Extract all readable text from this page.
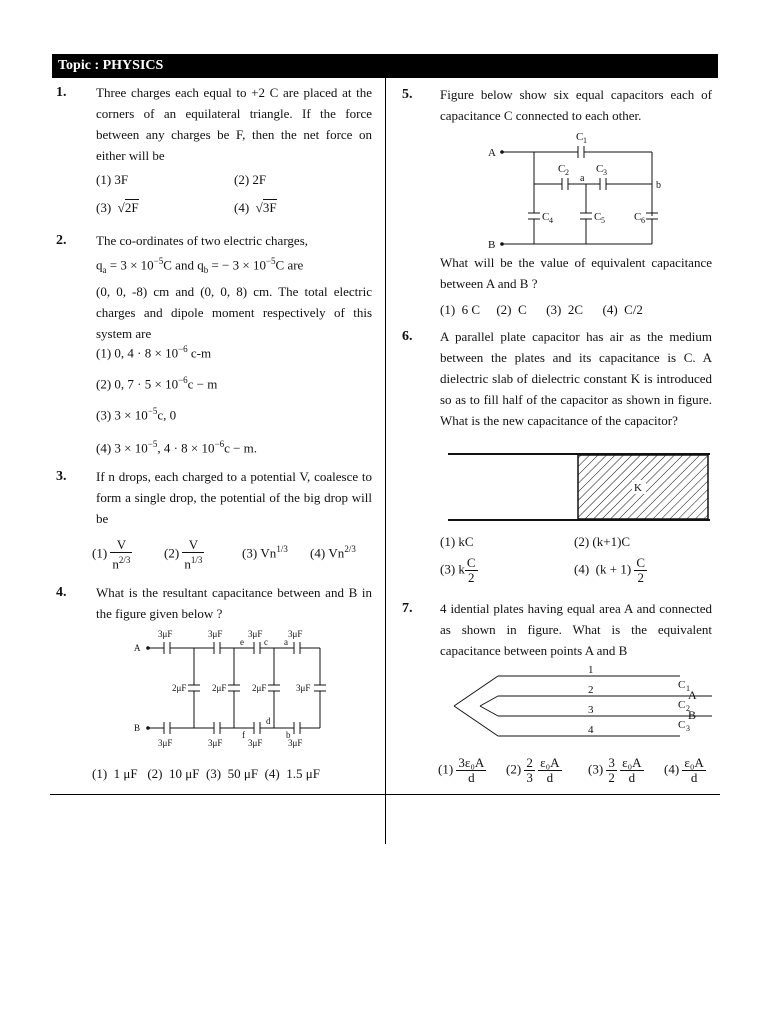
Topic : PHYSICS
1. Three charges each equal to +2 C are placed at the corners of an equilateral triangle. If the force between any charges be F, then the net force on either will be
(1) 3F	(2) 2F
(3)  √2F	(4)  √3F
2. The co-ordinates of two electric charges,
$q_a = 3 \times 10^{-5}C$ and $q_b$ = − $3 \times 10^{-5}C$ are
(0, 0, -8) cm and (0, 0, 8) cm. The total electric charges and dipole moment respectively of this system are
(1) 0, $4 \cdot 8 \times 10^{-6}$ c-m
(2) 0, $7 \cdot 5 \times 10^{-6}c - m$
(3) $3 \times 10^{-5}c$, 0
(4) $3 \times 10^{-5}$, $4 \cdot 8 \times 10^{-6}c - m$.
3. If n drops, each charged to a potential V, coalesce to form a single drop, the potential of the big drop will be
$(1) \frac{V}{n^{2/3}} (2) \frac{V}{n^{1/3}}$	(3) $Vn^{1/3}$ (4) $Vn^{2/3}$
4. What is the resultant capacitance between and B in the figure given below ?
A
B
3μF	3μF	3μF	3μF
3μF	3μF	3μF	3μF
2μF	2μF	2μF	3μF
e c a
f
d
b
(1)  1 μF   (2)  10 μF  (3)  50 μF  (4)  1.5 μF
5. Figure below show six equal capacitors each of capacitance C connected to each other.
A
B
C 1
C 2 C 3
C 4	C 5	C 6
a
b
What will be the value of equivalent capacitance between A and B ?
(1)  6 C     (2)  C      (3)  2C      (4)  C/2
6. A parallel plate capacitor has air as the medium between the plates and its capacitance is C. A dielectric slab of dielectric constant K is introduced so as to fill half of the capacitor as shown in figure. What is the new capacitance of the capacitor?
K
(1) kC	(2) (k+1)C
(3) k $\frac{C}{2}$	(4) $(k + 1) \frac{C}{2}$
7. 4 idential plates having equal area A and connected as shown in figure. What is the equivalent capacitance between points A and B
1
2
3
4
C 1
C 2
C 3
A
B
$(1) \frac{\text{3ε₀A}}{d} (2) \frac{2}{3}$
$\frac{\text{ε₀A}}{d} (3) \frac{3}{2}$
$\frac{\text{ε₀A}}{d} (4) \frac{\text{ε₀A}}{d}$
